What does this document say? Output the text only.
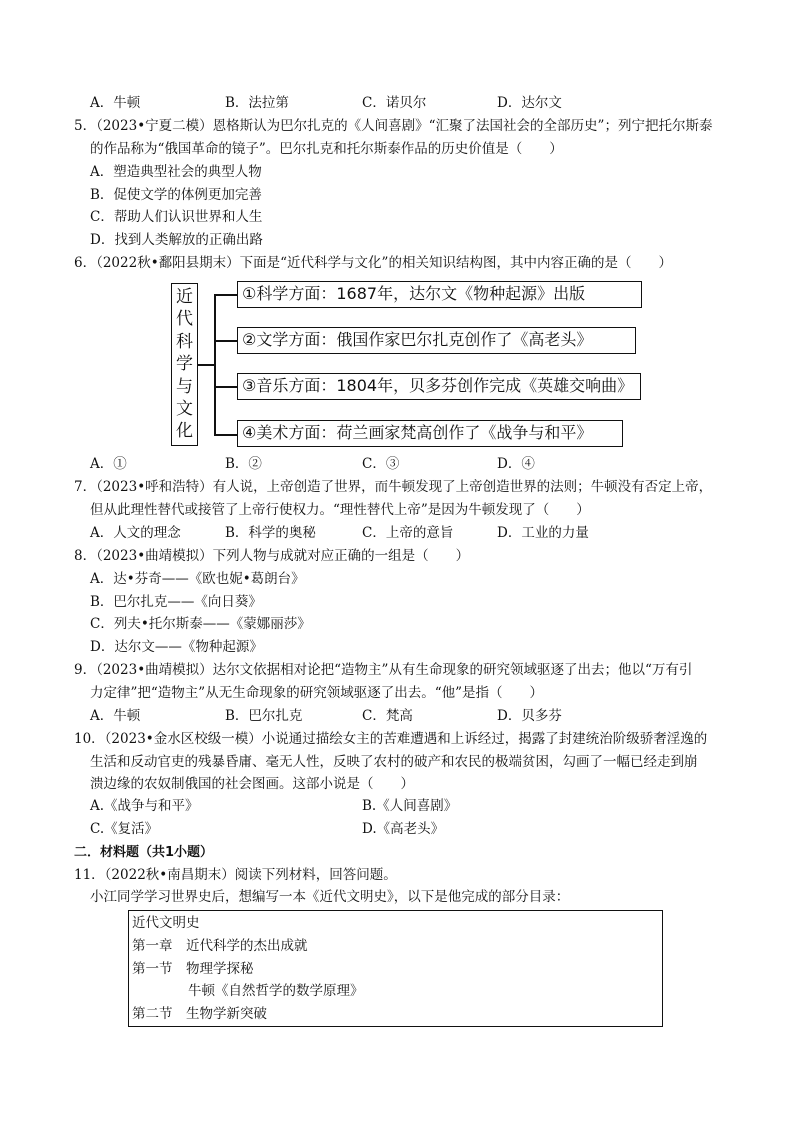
A．牛顿	B．法拉第	C．诺贝尔	D．达尔文
5．（2023•宁夏二模）恩格斯认为巴尔扎克的《人间喜剧》“汇聚了法国社会的全部历史”；列宁把托尔斯泰
的作品称为“俄国革命的镜子”。巴尔扎克和托尔斯泰作品的历史价值是（　　）
A．塑造典型社会的典型人物
B．促使文学的体例更加完善
C．帮助人们认识世界和人生
D．找到人类解放的正确出路
6．（2022秋•鄱阳县期末）下面是“近代科学与文化”的相关知识结构图，其中内容正确的是（　　）
近
代
科
学
与
文
化
①科学方面：1687年，达尔文《物种起源》出版
②文学方面：俄国作家巴尔扎克创作了《高老头》
③音乐方面：1804年，贝多芬创作完成《英雄交响曲》
④美术方面：荷兰画家梵高创作了《战争与和平》
A．①	B．②	C．③	D．④
7．（2023•呼和浩特）有人说，上帝创造了世界，而牛顿发现了上帝创造世界的法则；牛顿没有否定上帝，
但从此理性替代或接管了上帝行使权力。“理性替代上帝”是因为牛顿发现了（　　）
A．人文的理念	B．科学的奥秘	C．上帝的意旨	D．工业的力量
8．（2023•曲靖模拟）下列人物与成就对应正确的一组是（　　）
A．达•芬奇——《欧也妮•葛朗台》
B．巴尔扎克——《向日葵》
C．列夫•托尔斯泰——《蒙娜丽莎》
D．达尔文——《物种起源》
9．（2023•曲靖模拟）达尔文依据相对论把“造物主”从有生命现象的研究领域驱逐了出去；他以“万有引
力定律”把“造物主”从无生命现象的研究领域驱逐了出去。“他”是指（　　）
A．牛顿	B．巴尔扎克	C．梵高	D．贝多芬
10．（2023•金水区校级一模）小说通过描绘女主的苦难遭遇和上诉经过，揭露了封建统治阶级骄奢淫逸的
生活和反动官吏的残暴昏庸、毫无人性，反映了农村的破产和农民的极端贫困，勾画了一幅已经走到崩
溃边缘的农奴制俄国的社会图画。这部小说是（　　）
A.《战争与和平》	B.《人间喜剧》
C.《复活》	D.《高老头》
二．材料题（共1小题）
11．（2022秋•南昌期末）阅读下列材料，回答问题。
小江同学学习世界史后，想编写一本《近代文明史》，以下是他完成的部分目录：
近代文明史
第一章　近代科学的杰出成就
第一节　物理学探秘
牛顿《自然哲学的数学原理》
第二节　生物学新突破
